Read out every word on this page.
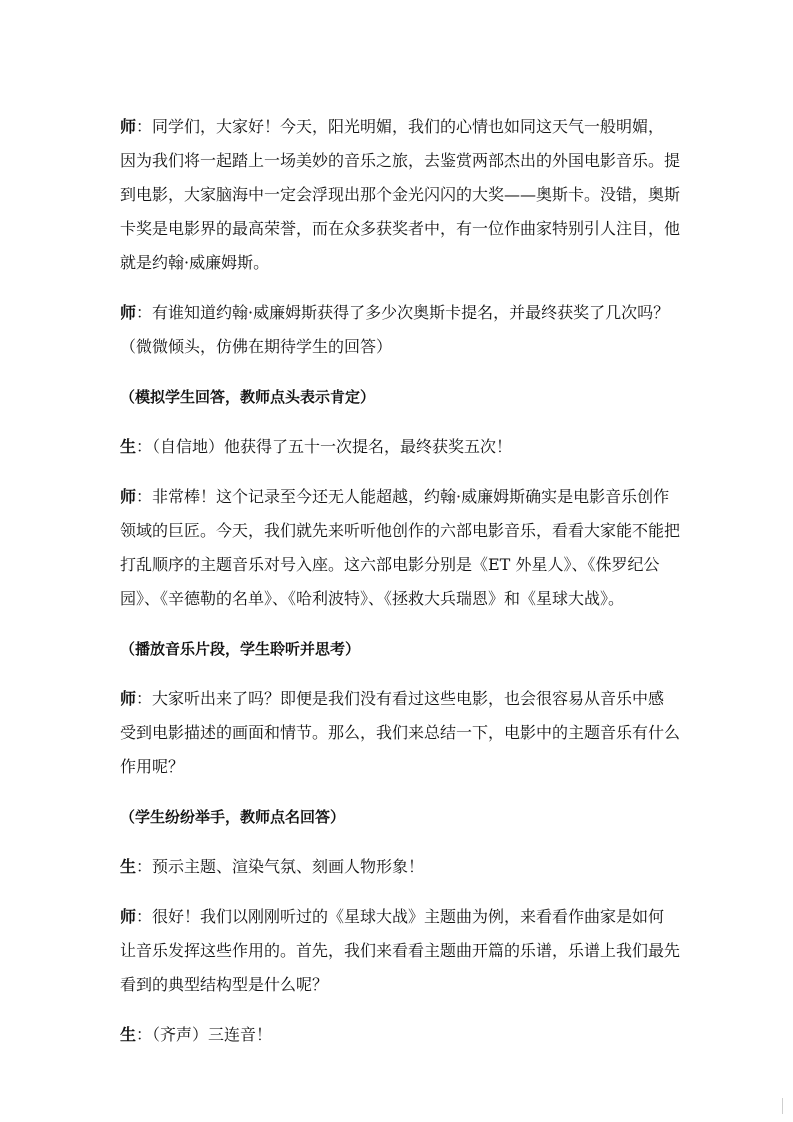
师：同学们，大家好！今天，阳光明媚，我们的心情也如同这天气一般明媚，因为我们将一起踏上一场美妙的音乐之旅，去鉴赏两部杰出的外国电影音乐。提到电影，大家脑海中一定会浮现出那个金光闪闪的大奖——奥斯卡。没错，奥斯卡奖是电影界的最高荣誉，而在众多获奖者中，有一位作曲家特别引人注目，他就是约翰·威廉姆斯。

师：有谁知道约翰·威廉姆斯获得了多少次奥斯卡提名，并最终获奖了几次吗？（微微倾头，仿佛在期待学生的回答）

（模拟学生回答，教师点头表示肯定）

生：（自信地）他获得了五十一次提名，最终获奖五次！

师：非常棒！这个记录至今还无人能超越，约翰·威廉姆斯确实是电影音乐创作领域的巨匠。今天，我们就先来听听他创作的六部电影音乐，看看大家能不能把打乱顺序的主题音乐对号入座。这六部电影分别是《ET 外星人》、《侏罗纪公园》、《辛德勒的名单》、《哈利波特》、《拯救大兵瑞恩》和《星球大战》。

（播放音乐片段，学生聆听并思考）

师：大家听出来了吗？即便是我们没有看过这些电影，也会很容易从音乐中感受到电影描述的画面和情节。那么，我们来总结一下，电影中的主题音乐有什么作用呢？

（学生纷纷举手，教师点名回答）

生：预示主题、渲染气氛、刻画人物形象！

师：很好！我们以刚刚听过的《星球大战》主题曲为例，来看看作曲家是如何让音乐发挥这些作用的。首先，我们来看看主题曲开篇的乐谱，乐谱上我们最先看到的典型结构型是什么呢？

生：（齐声）三连音！
